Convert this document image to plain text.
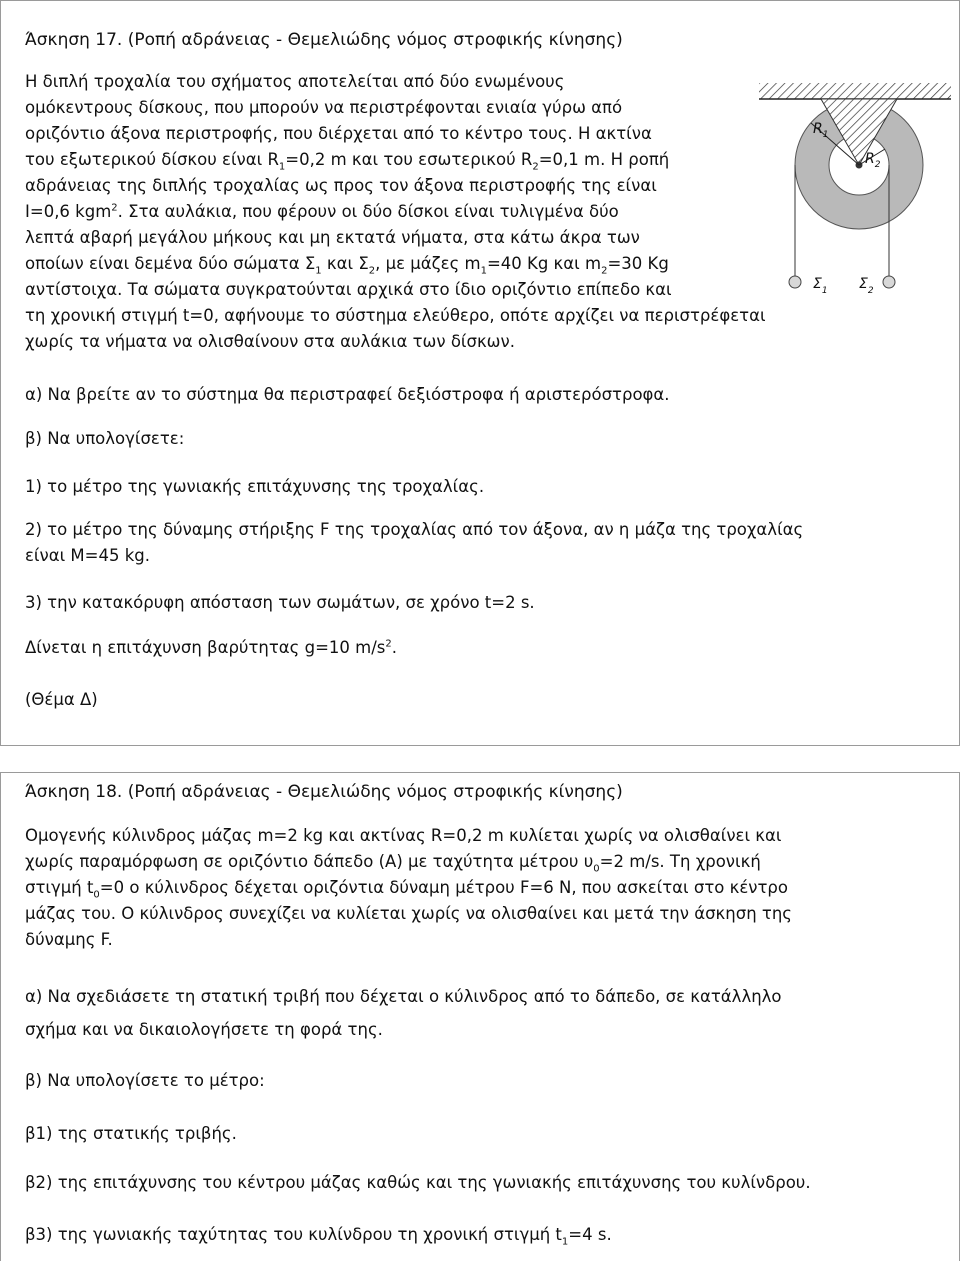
Άσκηση 17. (Ροπή αδράνειας - Θεμελιώδης νόμος στροφικής κίνησης)

Η διπλή τροχαλία του σχήματος αποτελείται από δύο ενωμένους

ομόκεντρους δίσκους, που μπορούν να περιστρέφονται ενιαία γύρω από

οριζόντιο άξονα περιστροφής, που διέρχεται από το κέντρο τους. Η ακτίνα

του εξωτερικού δίσκου είναι $R_1=0,2$ m και του εσωτερικού $R_2=0,1$ m. Η ροπή

αδράνειας της διπλής τροχαλίας ως προς τον άξονα περιστροφής της είναι

I=0,6 kgm$^2$. Στα αυλάκια, που φέρουν οι δύο δίσκοι είναι τυλιγμένα δύο

λεπτά αβαρή μεγάλου μήκους και μη εκτατά νήματα, στα κάτω άκρα των

οποίων είναι δεμένα δύο σώματα $\Sigma_1$ και $\Sigma_2$, με μάζες $m_1=40$ Kg και $m_2=30$ Kg

αντίστοιχα. Τα σώματα συγκρατούνται αρχικά στο ίδιο οριζόντιο επίπεδο και

τη χρονική στιγμή t=0, αφήνουμε το σύστημα ελεύθερο, οπότε αρχίζει να περιστρέφεται

χωρίς τα νήματα να ολισθαίνουν στα αυλάκια των δίσκων.

α) Να βρείτε αν το σύστημα θα περιστραφεί δεξιόστροφα ή αριστερόστροφα.

β) Να υπολογίσετε:

1) το μέτρο της γωνιακής επιτάχυνσης της τροχαλίας.

2) το μέτρο της δύναμης στήριξης F της τροχαλίας από τον άξονα, αν η μάζα της τροχαλίας

είναι M=45 kg.

3) την κατακόρυφη απόσταση των σωμάτων, σε χρόνο t=2 s.

Δίνεται η επιτάχυνση βαρύτητας g=10 $m/s^2$.

(Θέμα Δ)

$R_1$
$R_2$
$\Sigma_1$ $\Sigma_2$

Άσκηση 18. (Ροπή αδράνειας - Θεμελιώδης νόμος στροφικής κίνησης)

Ομογενής κύλινδρος μάζας m=2 kg και ακτίνας R=0,2 m κυλίεται χωρίς να ολισθαίνει και

χωρίς παραμόρφωση σε οριζόντιο δάπεδο (Α) με ταχύτητα μέτρου $\upsilon_0=2$ m/s. Τη χρονική

στιγμή $t_0=0$ ο κύλινδρος δέχεται οριζόντια δύναμη μέτρου F=6 N, που ασκείται στο κέντρο

μάζας του. Ο κύλινδρος συνεχίζει να κυλίεται χωρίς να ολισθαίνει και μετά την άσκηση της

δύναμης F.

α) Να σχεδιάσετε τη στατική τριβή που δέχεται ο κύλινδρος από το δάπεδο, σε κατάλληλο

σχήμα και να δικαιολογήσετε τη φορά της.

β) Να υπολογίσετε το μέτρο:

β1) της στατικής τριβής.

β2) της επιτάχυνσης του κέντρου μάζας καθώς και της γωνιακής επιτάχυνσης του κυλίνδρου.

β3) της γωνιακής ταχύτητας του κυλίνδρου τη χρονική στιγμή $t_1=4$ s.
